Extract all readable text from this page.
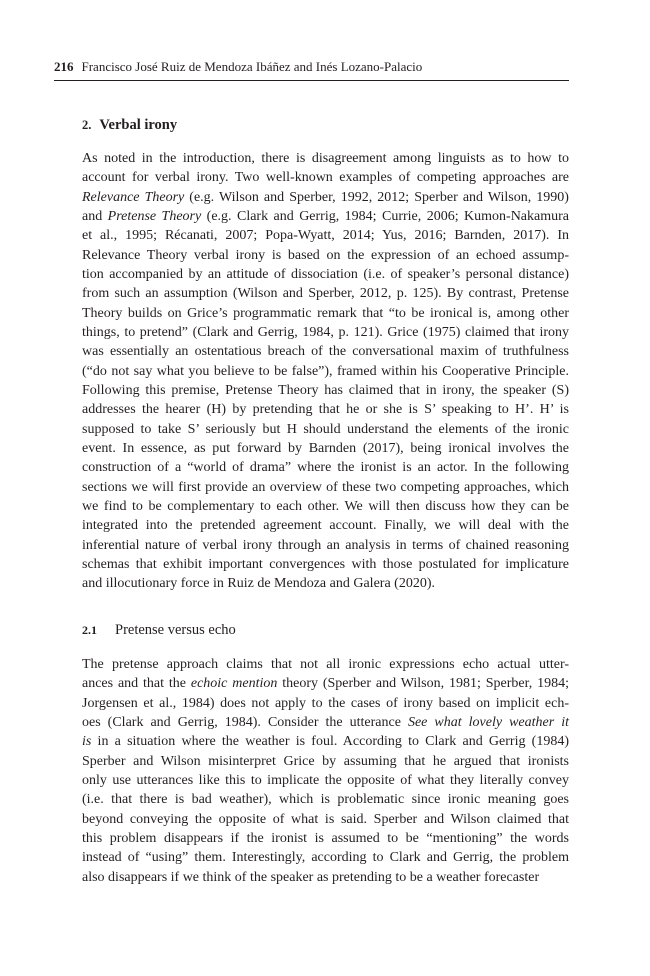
216 Francisco José Ruiz de Mendoza Ibáñez and Inés Lozano-Palacio
2. Verbal irony
As noted in the introduction, there is disagreement among linguists as to how to
account for verbal irony. Two well-known examples of competing approaches are
Relevance Theory (e.g. Wilson and Sperber, 1992, 2012; Sperber and Wilson, 1990)
and Pretense Theory (e.g. Clark and Gerrig, 1984; Currie, 2006; Kumon-Nakamura
et al., 1995; Récanati, 2007; Popa-Wyatt, 2014; Yus, 2016; Barnden, 2017). In
Relevance Theory verbal irony is based on the expression of an echoed assump-
tion accompanied by an attitude of dissociation (i.e. of speaker’s personal distance)
from such an assumption (Wilson and Sperber, 2012, p. 125). By contrast, Pretense
Theory builds on Grice’s programmatic remark that “to be ironical is, among other
things, to pretend” (Clark and Gerrig, 1984, p. 121). Grice (1975) claimed that irony
was essentially an ostentatious breach of the conversational maxim of truthfulness
(“do not say what you believe to be false”), framed within his Cooperative Principle.
Following this premise, Pretense Theory has claimed that in irony, the speaker (S)
addresses the hearer (H) by pretending that he or she is S’ speaking to H’. H’ is
supposed to take S’ seriously but H should understand the elements of the ironic
event. In essence, as put forward by Barnden (2017), being ironical involves the
construction of a “world of drama” where the ironist is an actor. In the following
sections we will first provide an overview of these two competing approaches, which
we find to be complementary to each other. We will then discuss how they can be
integrated into the pretended agreement account. Finally, we will deal with the
inferential nature of verbal irony through an analysis in terms of chained reasoning
schemas that exhibit important convergences with those postulated for implicature
and illocutionary force in Ruiz de Mendoza and Galera (2020).
2.1 Pretense versus echo
The pretense approach claims that not all ironic expressions echo actual utter-
ances and that the echoic mention theory (Sperber and Wilson, 1981; Sperber, 1984;
Jorgensen et al., 1984) does not apply to the cases of irony based on implicit ech-
oes (Clark and Gerrig, 1984). Consider the utterance See what lovely weather it
is in a situation where the weather is foul. According to Clark and Gerrig (1984)
Sperber and Wilson misinterpret Grice by assuming that he argued that ironists
only use utterances like this to implicate the opposite of what they literally convey
(i.e. that there is bad weather), which is problematic since ironic meaning goes
beyond conveying the opposite of what is said. Sperber and Wilson claimed that
this problem disappears if the ironist is assumed to be “mentioning” the words
instead of “using” them. Interestingly, according to Clark and Gerrig, the problem
also disappears if we think of the speaker as pretending to be a weather forecaster
